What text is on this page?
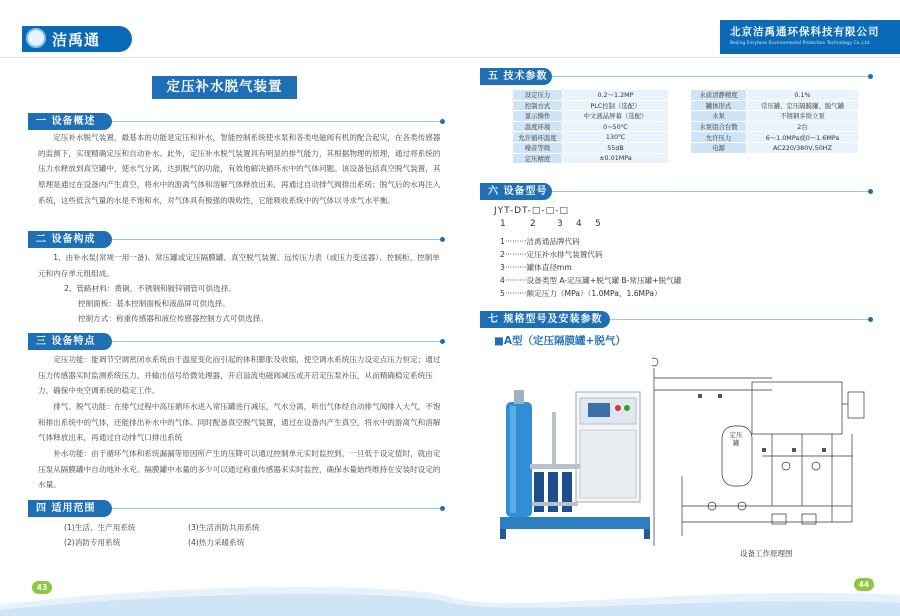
洁禹通	北京洁禹通环保科技有限公司
Beijing Eerytone Environmental Protection Technology Co.,Ltd.
定压补水脱气装置
一 设备概述
定压补水脱气装置，最基本的功能是定压和补水，智能控制系统使水泵和各类电磁阀有机的配合起灾，在各类传感器的监测下，实现精确定压和自动补水。此外，定压补水脱气装置具有明显的排气能力，其根据物理的原理，通过将系统的压力水释放到真空罐中，使水气分离，达到脱气的功能，有效地解决循环水中的气体问题。该设备包括真空脱气装置，其原理是通过在设备内产生真空，将水中的游离气体和溶解气体释放出来，再通过自动排气阀排出系统；脱气后的水再注入系统，这些低含气量的水是不饱和水，对气体具有极强的吸收性，它能吸收系统中的气体以寻求气水平衡。
二 设备构成
1、由补水泵(常规一用一备)、常压罐或定压隔膜罐、真空脱气装置、远传压力表（或压力变送器）、控制柜、控制单元和内存单元组组成。
2、管路材料：黄铜、不锈钢和镀锌钢管可供选择。
控制面板：基本控制面板和液晶屏可供选择。
控制方式：称重传感器和液位传感器控制方式可供选择。
三 设备特点
定压功能：能调节空调密闭水系统由于温度变化而引起的体积膨胀及收缩，使空调水系统压力设定点压力恒定；通过压力传感器实时监测系统压力，并输出信号给微处理器，开启溢流电磁阀减压或开启定压泵补压，从而精确稳定系统压力，确保中央空调系统的稳定工作。
排气、脱气功能：在排气过程中高压循环水进入常压罐进行减压，气水分离，听出气体经自动排气阀排入大气，不饱和排出系统中的气体，还能排出补水中的气体。同时配备真空脱气装置，通过在设备内产生真空，将水中的游离气和溶解气体释放出来，再通过自动排气口排出系统
补水功能：由于循环气体和系统漏漏等原因所产生的压降可以通过控制单元实时监控到，一旦低于设定值时，就由定压泵从隔膜罐中自动地补水充。隔膜罐中水量的多少可以通过称重传感器来实时监控，确保水量始终维持在安装时设定的水量。
四 适用范围
(1)生活、生产用系统	(3)生活消防共用系统
(2)消防专用系统	(4)热力采暖系统
五 技术参数
设定压力	0.2～1.2MP
控制方式	PLC控制（选配）
显示操作	中文液晶屏幕（选配）
温度环境	0~50℃
允许循环温度	130℃
噪音等级	55dB
定压精度	±0.01MPa
水质清静精度	0.1%
罐体形式	常压罐、定压隔膜罐、脱气罐
水泵	不锈钢多级立泵
水泵组合台数	2台
允许压力	6～1.0MPa或0～1.6MPa
电源	AC220/380V,50HZ
六 设备型号
JYT-DT-□-□-□
1	2 3 4 5
1·········洁禹通品牌代码
2·········定压补水排气装置代码
3·········罐体直径mm
4·········设备类型 A-定压罐+脱气罐 B-常压罐+脱气罐
5·········额定压力（MPa）（1.0MPa、1.6MPa）
七 规格型号及安装参数
■A型（定压隔膜罐+脱气）
定压罐
设备工作原理图
43	44
